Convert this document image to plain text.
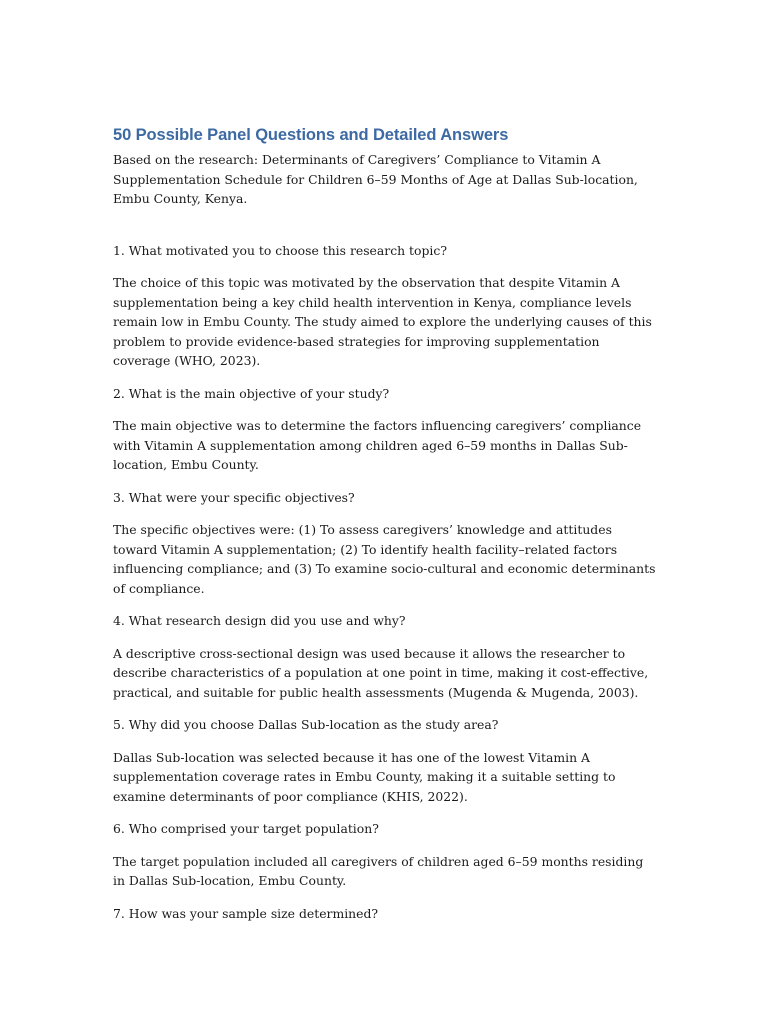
50 Possible Panel Questions and Detailed Answers

Based on the research: Determinants of Caregivers’ Compliance to Vitamin A Supplementation Schedule for Children 6–59 Months of Age at Dallas Sub-location, Embu County, Kenya.

1. What motivated you to choose this research topic?

The choice of this topic was motivated by the observation that despite Vitamin A supplementation being a key child health intervention in Kenya, compliance levels remain low in Embu County. The study aimed to explore the underlying causes of this problem to provide evidence-based strategies for improving supplementation coverage (WHO, 2023).

2. What is the main objective of your study?

The main objective was to determine the factors influencing caregivers’ compliance with Vitamin A supplementation among children aged 6–59 months in Dallas Sub-location, Embu County.

3. What were your specific objectives?

The specific objectives were: (1) To assess caregivers’ knowledge and attitudes toward Vitamin A supplementation; (2) To identify health facility–related factors influencing compliance; and (3) To examine socio-cultural and economic determinants of compliance.

4. What research design did you use and why?

A descriptive cross-sectional design was used because it allows the researcher to describe characteristics of a population at one point in time, making it cost-effective, practical, and suitable for public health assessments (Mugenda & Mugenda, 2003).

5. Why did you choose Dallas Sub-location as the study area?

Dallas Sub-location was selected because it has one of the lowest Vitamin A supplementation coverage rates in Embu County, making it a suitable setting to examine determinants of poor compliance (KHIS, 2022).

6. Who comprised your target population?

The target population included all caregivers of children aged 6–59 months residing in Dallas Sub-location, Embu County.

7. How was your sample size determined?
